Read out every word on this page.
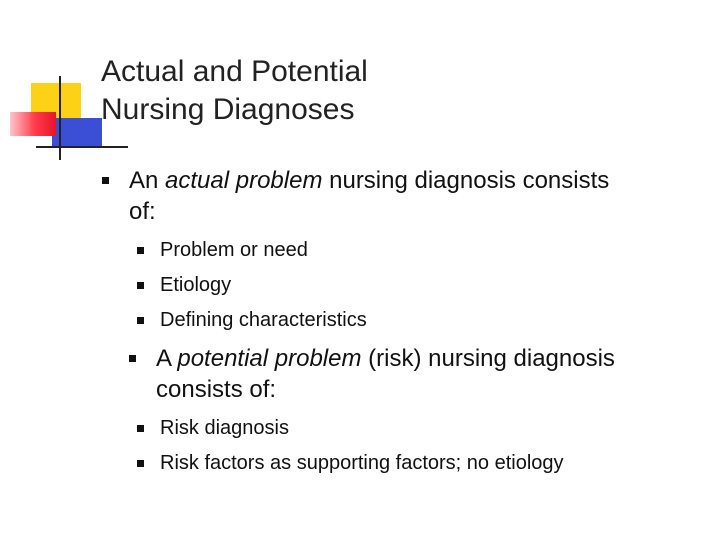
Actual and Potential
Nursing Diagnoses
An actual problem nursing diagnosis consists
of:
Problem or need
Etiology
Defining characteristics
A potential problem (risk) nursing diagnosis
consists of:
Risk diagnosis
Risk factors as supporting factors; no etiology
